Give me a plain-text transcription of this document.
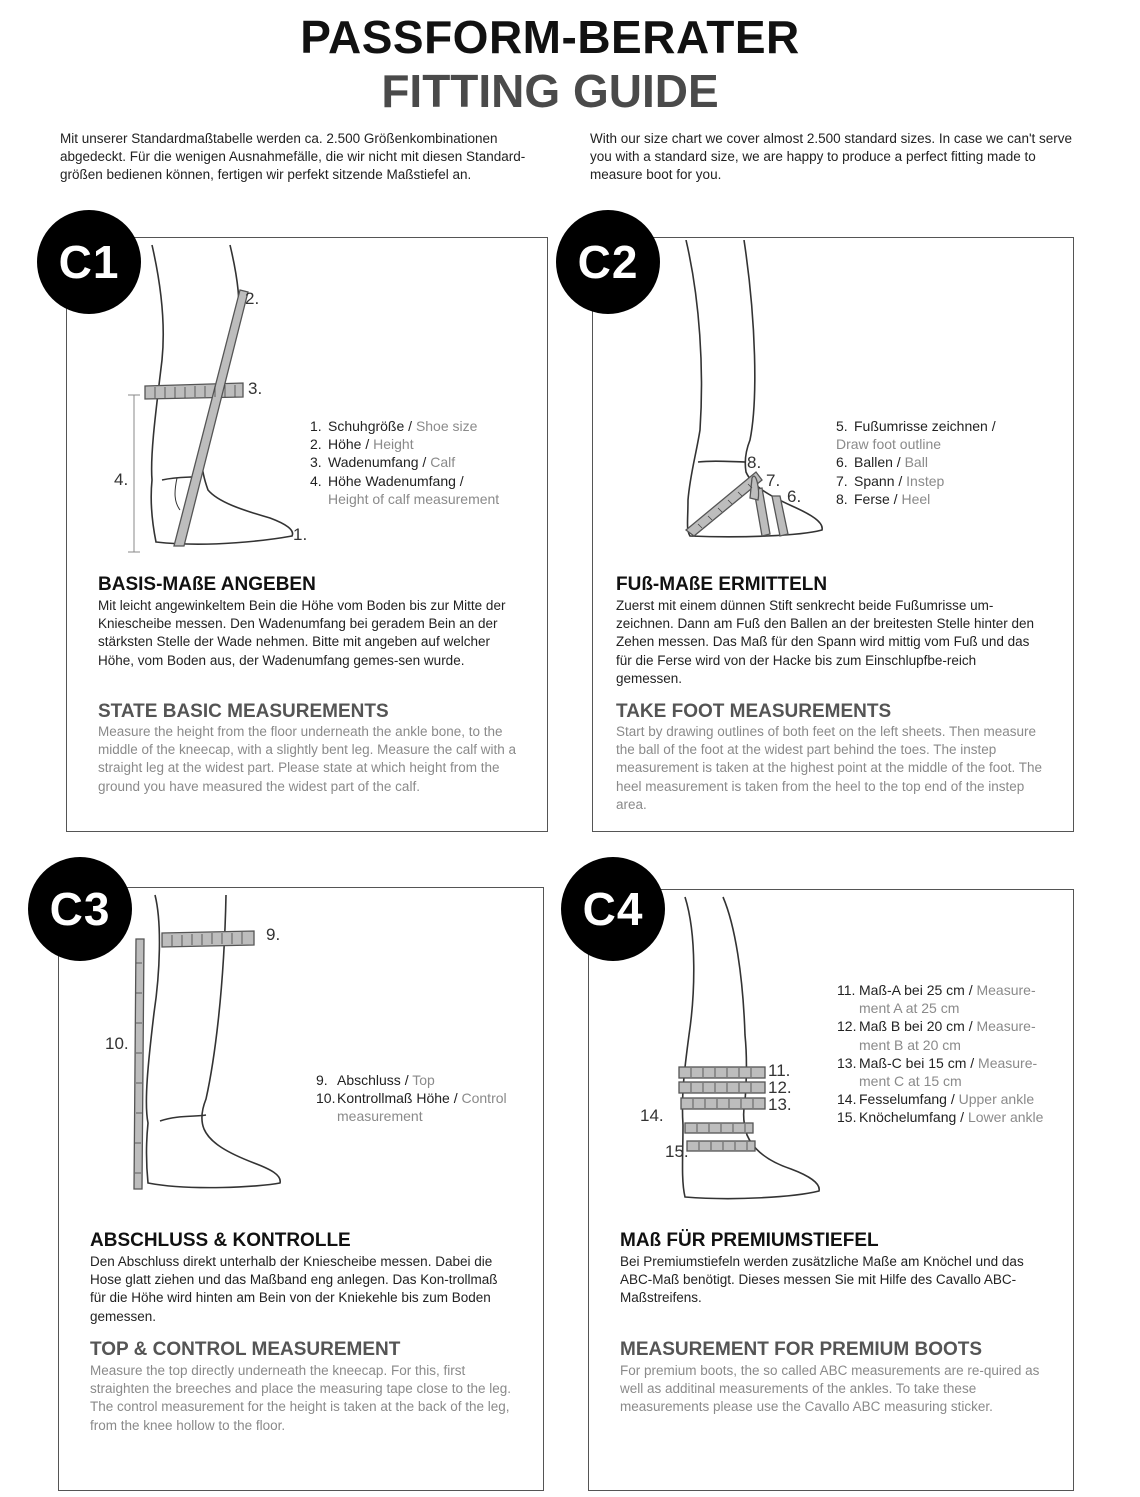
PASSFORM-BERATER
FITTING GUIDE
Mit unserer Standardmaßtabelle werden ca. 2.500 Größenkombinationen abgedeckt. Für die wenigen Ausnahmefälle, die wir nicht mit diesen Standard-größen bedienen können, fertigen wir perfekt sitzende Maßstiefel an.
With our size chart we cover almost 2.500 standard sizes. In case we can't serve you with a standard size, we are happy to produce a perfect fitting made to measure boot for you.
C1
2.
3.
4.
1.
1. Schuhgröße / Shoe size
2. Höhe / Height
3. Wadenumfang / Calf
4. Höhe Wadenumfang /
Height of calf measurement
BASIS-MAßE ANGEBEN
Mit leicht angewinkeltem Bein die Höhe vom Boden bis zur Mitte der Kniescheibe messen. Den Wadenumfang bei geradem Bein an der stärksten Stelle der Wade nehmen. Bitte mit angeben auf welcher Höhe, vom Boden aus, der Wadenumfang gemes-sen wurde.
STATE BASIC MEASUREMENTS
Measure the height from the floor underneath the ankle bone, to the middle of the kneecap, with a slightly bent leg. Measure the calf with a straight leg at the widest part. Please state at which height from the ground you have measured the widest part of the calf.
C2
8.
7.
6.
5. Fußumrisse zeichnen /
Draw foot outline
6. Ballen / Ball
7. Spann / Instep
8. Ferse / Heel
FUß-MAßE ERMITTELN
Zuerst mit einem dünnen Stift senkrecht beide Fußumrisse um-zeichnen. Dann am Fuß den Ballen an der breitesten Stelle hinter den Zehen messen. Das Maß für den Spann wird mittig vom Fuß und das für die Ferse wird von der Hacke bis zum Einschlupfbe-reich gemessen.
TAKE FOOT MEASUREMENTS
Start by drawing outlines of both feet on the left sheets. Then measure the ball of the foot at the widest part behind the toes. The instep measurement is taken at the highest point at the middle of the foot. The heel measurement is taken from the heel to the top end of the instep area.
C3	9.
10.
9. Abschluss / Top
10. Kontrollmaß Höhe / Control measurement
ABSCHLUSS & KONTROLLE
Den Abschluss direkt unterhalb der Kniescheibe messen. Dabei die Hose glatt ziehen und das Maßband eng anlegen. Das Kon-trollmaß für die Höhe wird hinten am Bein von der Kniekehle bis zum Boden gemessen.
TOP & CONTROL MEASUREMENT
Measure the top directly underneath the kneecap. For this, first straighten the breeches and place the measuring tape close to the leg. The control measurement for the height is taken at the back of the leg, from the knee hollow to the floor.
C4
11.
12.
13.
14.
15.
11. Maß-A bei 25 cm / Measure-ment A at 25 cm
12. Maß B bei 20 cm / Measure-ment B at 20 cm
13. Maß-C bei 15 cm / Measure-ment C at 15 cm
14. Fesselumfang / Upper ankle
15. Knöchelumfang / Lower ankle
MAß FÜR PREMIUMSTIEFEL
Bei Premiumstiefeln werden zusätzliche Maße am Knöchel und das ABC-Maß benötigt. Dieses messen Sie mit Hilfe des Cavallo ABC-Maßstreifens.
MEASUREMENT FOR PREMIUM BOOTS
For premium boots, the so called ABC measurements are re-quired as well as additinal measurements of the ankles. To take these measurements please use the Cavallo ABC measuring sticker.
